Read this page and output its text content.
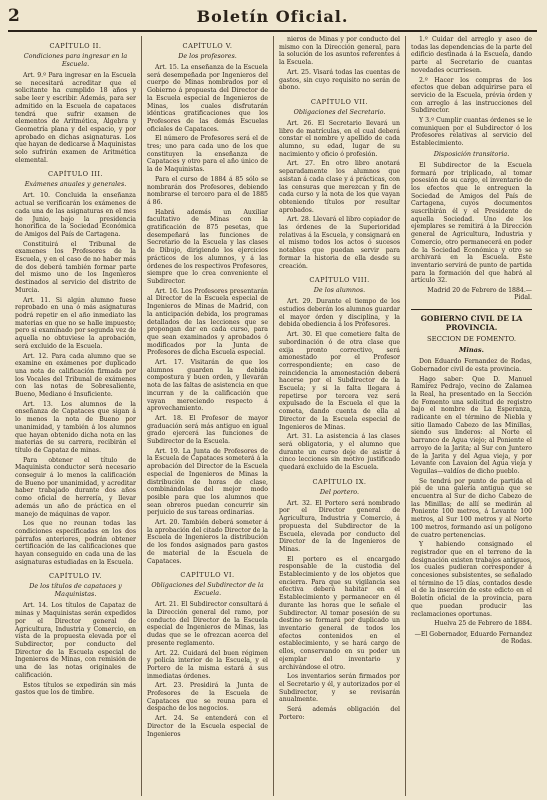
2	Boletín Oficial.
CAPÍTULO II.
Condiciones para ingresar en la Escuela.
Art. 9.º Para ingresar en la Escuela se necesitará acreditar que el solicitante ha cumplido 18 años y sabe leer y escribir. Además, para ser admitido en la Escuela de capataces tendrá que sufrir examen de elementos de Aritmética, Álgebra y Geometría plana y del espacio, y por aprobado en dichas asignaturas. Los que hayan de dedicarse á Maquinistas solo sufrirán examen de Aritmética elemental.
CAPÍTULO III.
Exámenes anuales y generales.
Art. 10. Concluida la enseñanza actual se verificarán los exámenes de cada una de las asignaturas en el mes de Junio, bajo la presidencia honorífica de la Sociedad Económica de Amigos del País de Cartagena.
Constituirá el Tribunal de examenes los Profesores de la Escuela, y en el caso de no haber más de dos deberá también formar parte del mismo uno de los Ingenieros destinados al servicio del distrito de Murcia.
Art. 11. Si algún alumno fuese reprobado en una ó más asignaturas podrá repetir en el año inmediato las materias en que no se halle impuesto; pero si examinado por segunda vez de aquella no obtuviese la aprobación, será excluido de la Escuela.
Art. 12. Para cada alumno que se examine en exámenes por duplicado una nota de calificación firmada por los Vocales del Tribunal de exámenes con las notas de Sobresaliente, Bueno, Mediano é Insuficiente.
Art. 13. Los alumnos de la enseñanza de Capataces que sigan á lo menos la nota de Bueno por unanimidad, y también á los alumnos que hayan obtenido dicha nota en las materias de su carrera, recibirán el título de Capataz de minas.
Para obtener el título de Maquinista conductor será necesario conseguir á lo menos la calificación de Bueno por unanimidad, y acreditar haber trabajado durante dos años como oficial de herrería, y llevar además un año de práctica en el manejo de máquinas de vapor.
Los que no reunan todas las condiciones especificadas en los dos párrafos anteriores, podrán obtener certificación de las calificaciones que hayan conseguido en cada una de las asignaturas estudiadas en la Escuela.
CAPÍTULO IV.
De los títulos de capataces y Maquinistas.
Art. 14. Los títulos de Capataz de minas y Maquinistas serán expedidos por el Director general de Agricultura, Industria y Comercio, en vista de la propuesta elevada por el Subdirector, por conducto del Director de la Escuela especial de Ingenieros de Minas, con remisión de una de las notas originales de calificación.
Estos títulos se expedirán sin más gastos que los de timbre.
CAPÍTULO V.
De los profesores.
Art. 15. La enseñanza de la Escuela será desempeñada por Ingenieros del cuerpo de Minas nombrados por el Gobierno á propuesta del Director de la Escuela especial de Ingenieros de Minas, los cuales disfrutarán idénticas gratificaciones que los Profesores de las demás Escuelas oficiales de Capataces.
El número de Profesores será el de tres; uno para cada uno de los que constituyen la enseñanza de Capataces y otro para el año único de la de Maquinistas.
Para el curso de 1884 á 85 sólo se nombrarán dos Profesores, debiendo nombrarse el tercero para el de 1885 á 86.
Habrá además un Auxiliar facultativo de Minas con la gratificación de 875 pesetas, que desempeñará las funciones de Secretario de la Escuela y las clases de Dibujo, dirigiendo los ejercicios prácticos de los alumnos, y á las órdenes de los respectivos Profesores, siempre que lo crea conveniente el Subdirector.
Art. 16. Los Profesores presentarán al Director de la Escuela especial de Ingenieros de Minas de Madrid, con la anticipación debida, los programas detallados de las lecciones que se propongan dar en cada curso, para que sean examinados y aprobados ó modificados por la Junta de Profesores de dicha Escuela especial.
Art. 17. Visitarán de que los alumnos guarden la debida compostura y buen orden, y llevarán nota de las faltas de asistencia en que incurran y de la calificación que vayan mereciendo respecto á aprovechamiento.
Art. 18. El Profesor de mayor graduación será más antiguo en igual grado ejercerá las funciones de Subdirector de la Escuela.
Art. 19. La Junta de Profesores de la Escuela de Capataces someterá á la aprobación del Director de la Escuela especial de Ingenieros de Minas la distribución de horas de clase, combinándolas del mejor modo posible para que los alumnos que sean obreros puedan concurrir sin perjuicio de sus tareas ordinarias.
Art. 20. También deberá someter á la aprobación del citado Director de la Escuela de Ingenieros la distribución de los fondos asignados para gastos de material de la Escuela de Capataces.
CAPÍTULO VI.
Obligaciones del Subdirector de la Escuela.
Art. 21. El Subdirector consultará á la Dirección general del ramo, por conducto del Director de la Escuela especial de Ingenieros de Minas, las dudas que se le ofrezcan acerca del presente reglamento.
Art. 22. Cuidará del buen régimen y policía interior de la Escuela, y el Portero de la misma estará á sus inmediatas órdenes.
Art. 23. Presidirá la Junta de Profesores de la Escuela de Capataces que se reuna para el despacho de los negocios.
Art. 24. Se entenderá con el Director de la Escuela especial de Ingenieros
nieros de Minas y por conducto del mismo con la Dirección general, para la solución de los asuntos referentes á la Escuela.
Art. 25. Visará todas las cuentas de gastos, sin cuyo requisito no serán de abono.
CAPÍTULO VII.
Obligaciones del Secretario.
Art. 26. El Secretario llevará un libro de matrículas, en el cual deberá constar el nombre y apellido de cada alumno, su edad, lugar de su nacimiento y oficio ó profesión.
Art. 27. En otro libro anotará separadamente los alumnos que asistan á cada clase y á prácticas, con las censuras que merezcan y fin de cada curso y la nota de los que vayan obteniendo títulos por resultar aprobados.
Art. 28. Llevará el libro copiador de las órdenes de la Superioridad relativas á la Escuela, y consignará en el mismo todos los actos ó sucesos notables que puedan servir para formar la historia de ella desde su creación.
CAPÍTULO VIII.
De los alumnos.
Art. 29. Durante el tiempo de los estudios deberán los alumnos guardar el mayor órden y disciplina, y la debida obediencia á los Profesores.
Art. 30. El que cometiere falta de subordinación ó de otra clase que exija pronto correctivo, será amonestado por el Profesor correspondiente; en caso de reincidencia la amonestación deberá hacerse por el Subdirector de la Escuela; y si la falta llegara á repetirse por tercera vez será expulsado de la Escuela el que la cometa, dando cuenta de ella al Director de la Escuela especial de Ingenieros de Minas.
Art. 31. La asistencia á las clases será obligatoria, y el alumno que durante un curso deje de asistir á cinco lecciones sin motivo justificado quedará excluido de la Escuela.
CAPÍTULO IX.
Del portero.
Art. 32. El Portero será nombrado por el Director general de Agricultura, Industria y Comercio, á propuesta del Subdirector de la Escuela, elevada por conducto del Director de la de Ingenieros de Minas.
El portero es el encargado responsable de la custodia del Establecimiento y de los objetos que encierra. Para que su vigilancia sea efectiva deberá habitar en el Establecimiento y permanecer en él durante las horas que le señale el Subdirector. Al tomar posesión de su destino se formará por duplicado un inventario general de todos los efectos contenidos en el establecimiento, y se hará cargo de ellos, conservando en su poder un ejemplar del inventario y archivándose el otro.
Los inventarios serán firmados por el Secretario y él, y autorizados por el Subdirector, y se revisarán anualmente.
Será además obligación del Portero:
1.º Cuidar del arreglo y aseo de todas las dependencias de la parte del edificio destinada á la Escuela, dando parte al Secretario de cuantas novedades ocurriesen.
2.º Hacer los compras de los efectos que deban adquirirse para el servicio de la Escuela, prévia órden y con arreglo á las instrucciones del Subdirector.
Y 3.º Cumplir cuantas órdenes se le comuniquen por el Subdirector ó los Profesores relativas al servicio del Establecimiento.
Disposición transitoria.
El Subdirector de la Escuela formará por triplicado, al tomar posesión de su cargo, el inventario de los efectos que le entreguen la Sociedad de Amigos del País de Cartagena, cuyos documentos suscribirán él y el Presidente de aquella Sociedad. Uno de los ejemplares se remitirá á la Dirección general de Agricultura, Industria y Comercio, otro permanecerá en poder de la Sociedad Económica y otro se archivará en la Escuela. Este inventario servirá de punto de partida para la formación del que habrá al artículo 32.
Madrid 20 de Febrero de 1884.—Pidal.
GOBIERNO CIVIL DE LA PROVINCIA.
SECCION DE FOMENTO.
Minas.
Don Eduardo Fernandez de Rodas, Gobernador civil de esta provincia.
Hago saber: Que D. Manuel Ramírez Pedrajo, vecino de Zalamea la Real, ha presentado en la Sección de Fomento una solicitud de registro bajo el nombre de La Esperanza, radicante en el término de Niebla y sitio llamado Cabezo de las Minillas, siendo sus linderos: al Norte el barranco de Agua viejo; al Poniente el arroyo de la Jarita; al Sur con Juntero de la Jarita y del Agua vieja, y por Levante con Lavaion del Agua vieja y Veguilas—valdíos de dicho pueblo.
Se tendrá por punto de partida el pié de una galería antigua que se encuentra al Sur de dicho Cabezo de las Minillas; de allí se medirán al Poniente 100 metros, á Levante 100 metros, al Sur 100 metros y al Norte 100 metros, formando así un polígono de cuatro pertenencias.
Y habiendo consignado el registrador que en el terreno de la designación existen trabajos antiguos, los cuales pudieran corresponder á concesiones subsistentes, se señalado el término de 15 días, contados desde el de la inserción de este edicto en el Boletín oficial de la provincia, para que puedan producir las reclamaciones oportunas.
Huelva 25 de Febrero de 1884.
—El Gobernador, Eduardo Fernandez de Rodas.
